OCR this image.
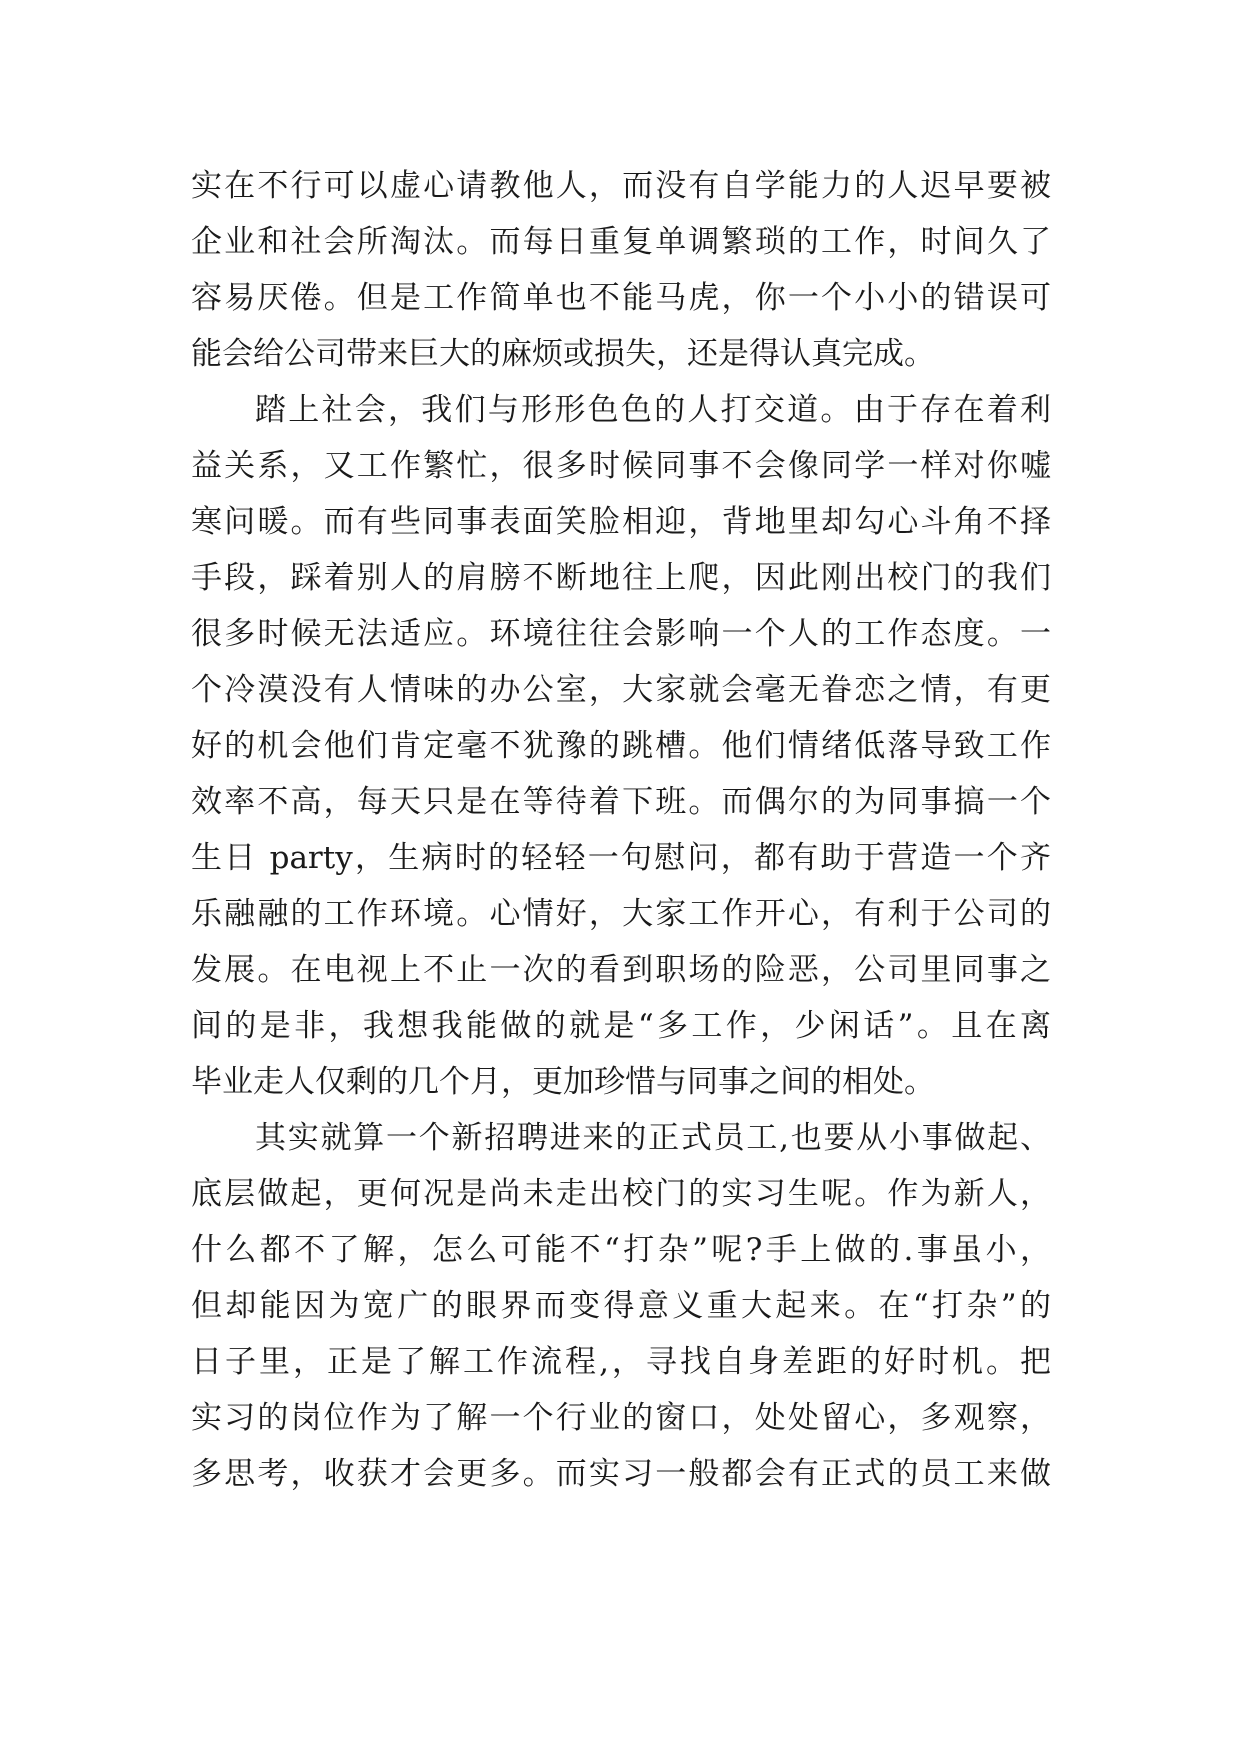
实在不行可以虚心请教他人，而没有自学能力的人迟早要被
企业和社会所淘汰。而每日重复单调繁琐的工作，时间久了
容易厌倦。但是工作简单也不能马虎，你一个小小的错误可
能会给公司带来巨大的麻烦或损失，还是得认真完成。
踏上社会，我们与形形色色的人打交道。由于存在着利
益关系，又工作繁忙，很多时候同事不会像同学一样对你嘘
寒问暖。而有些同事表面笑脸相迎，背地里却勾心斗角不择
手段，踩着别人的肩膀不断地往上爬，因此刚出校门的我们
很多时候无法适应。环境往往会影响一个人的工作态度。一
个冷漠没有人情味的办公室，大家就会毫无眷恋之情，有更
好的机会他们肯定毫不犹豫的跳槽。他们情绪低落导致工作
效率不高，每天只是在等待着下班。而偶尔的为同事搞一个
生日 party，生病时的轻轻一句慰问，都有助于营造一个齐
乐融融的工作环境。心情好，大家工作开心，有利于公司的
发展。在电视上不止一次的看到职场的险恶，公司里同事之
间的是非，我想我能做的就是“多工作，少闲话”。且在离
毕业走人仅剩的几个月，更加珍惜与同事之间的相处。
其实就算一个新招聘进来的正式员工,也要从小事做起、
底层做起，更何况是尚未走出校门的实习生呢。作为新人，
什么都不了解，怎么可能不“打杂”呢?手上做的.事虽小，
但却能因为宽广的眼界而变得意义重大起来。在“打杂”的
日子里，正是了解工作流程,，寻找自身差距的好时机。把
实习的岗位作为了解一个行业的窗口，处处留心，多观察，
多思考，收获才会更多。而实习一般都会有正式的员工来做
